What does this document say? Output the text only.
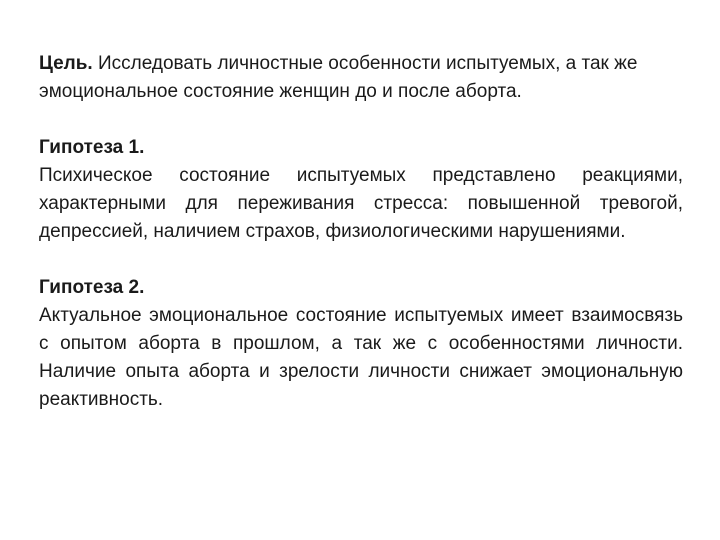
Цель. Исследовать личностные особенности испытуемых, а так же эмоциональное состояние женщин до и после аборта.

Гипотеза 1.
Психическое состояние испытуемых представлено реакциями, характерными для переживания стресса: повышенной тревогой, депрессией, наличием страхов, физиологическими нарушениями.
Гипотеза 2.
Актуальное эмоциональное состояние испытуемых имеет взаимосвязь с опытом аборта в прошлом, а так же с особенностями личности. Наличие опыта аборта и зрелости личности снижает эмоциональную реактивность.
